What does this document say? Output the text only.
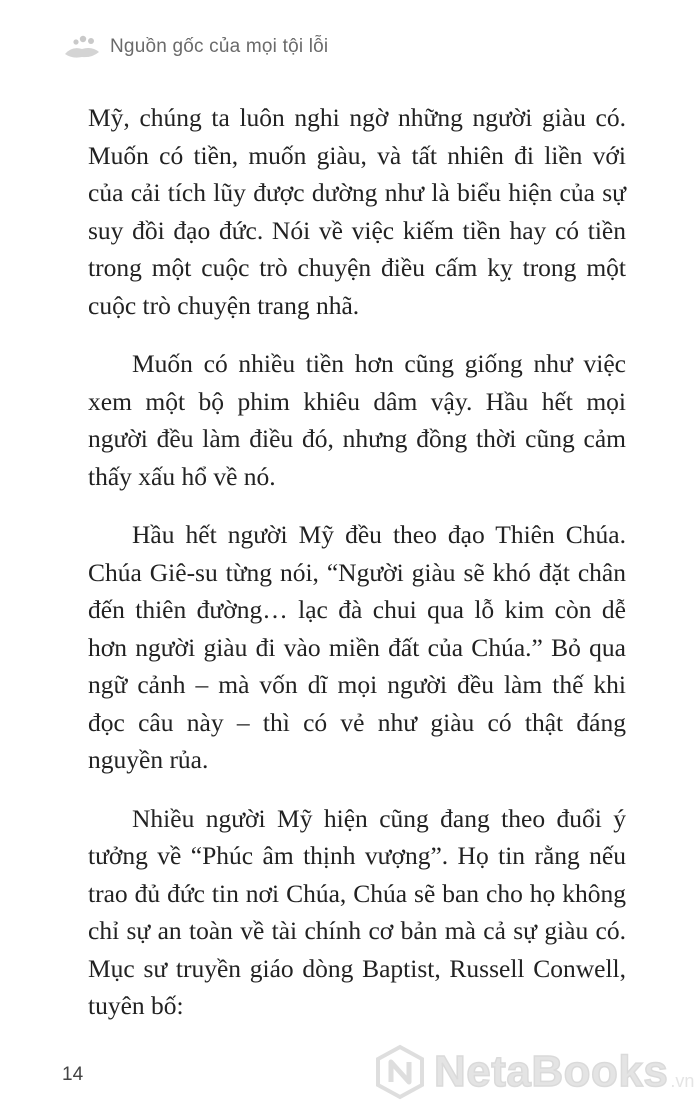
Nguồn gốc của mọi tội lỗi

Mỹ, chúng ta luôn nghi ngờ những người giàu có. Muốn có tiền, muốn giàu, và tất nhiên đi liền với của cải tích lũy được dường như là biểu hiện của sự suy đồi đạo đức. Nói về việc kiếm tiền hay có tiền trong một cuộc trò chuyện điều cấm kỵ trong một cuộc trò chuyện trang nhã.

Muốn có nhiều tiền hơn cũng giống như việc xem một bộ phim khiêu dâm vậy. Hầu hết mọi người đều làm điều đó, nhưng đồng thời cũng cảm thấy xấu hổ về nó.

Hầu hết người Mỹ đều theo đạo Thiên Chúa. Chúa Giê-su từng nói, “Người giàu sẽ khó đặt chân đến thiên đường… lạc đà chui qua lỗ kim còn dễ hơn người giàu đi vào miền đất của Chúa.” Bỏ qua ngữ cảnh – mà vốn dĩ mọi người đều làm thế khi đọc câu này – thì có vẻ như giàu có thật đáng nguyền rủa.

Nhiều người Mỹ hiện cũng đang theo đuổi ý tưởng về “Phúc âm thịnh vượng”. Họ tin rằng nếu trao đủ đức tin nơi Chúa, Chúa sẽ ban cho họ không chỉ sự an toàn về tài chính cơ bản mà cả sự giàu có. Mục sư truyền giáo dòng Baptist, Russell Conwell, tuyên bố:

14	NetaBooks .vn
